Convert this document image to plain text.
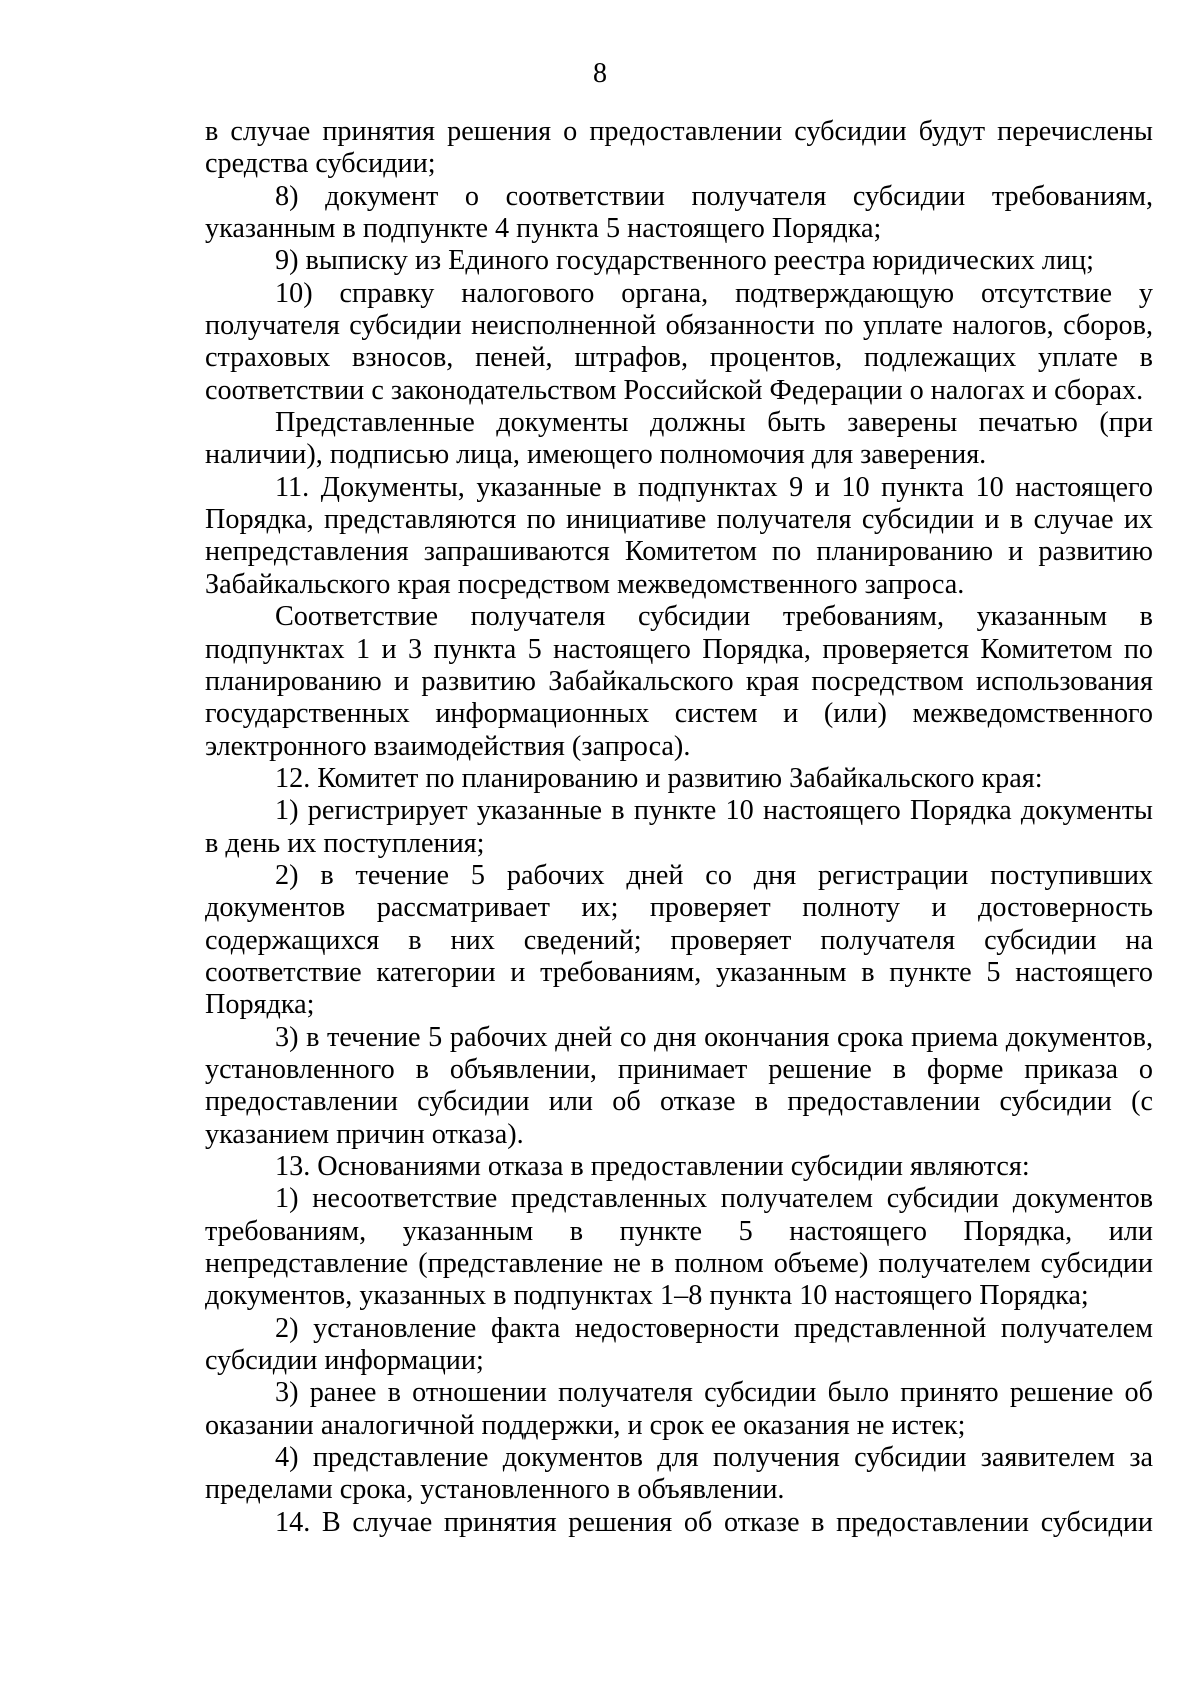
8

в случае принятия решения о предоставлении субсидии будут перечислены средства субсидии;

8) документ о соответствии получателя субсидии требованиям, указанным в подпункте 4 пункта 5 настоящего Порядка;

9) выписку из Единого государственного реестра юридических лиц;

10) справку налогового органа, подтверждающую отсутствие у получателя субсидии неисполненной обязанности по уплате налогов, сборов, страховых взносов, пеней, штрафов, процентов, подлежащих уплате в соответствии с законодательством Российской Федерации о налогах и сборах.

Представленные документы должны быть заверены печатью (при наличии), подписью лица, имеющего полномочия для заверения.

11. Документы, указанные в подпунктах 9 и 10 пункта 10 настоящего Порядка, представляются по инициативе получателя субсидии и в случае их непредставления запрашиваются Комитетом по планированию и развитию Забайкальского края посредством межведомственного запроса.

Соответствие получателя субсидии требованиям, указанным в подпунктах 1 и 3 пункта 5 настоящего Порядка, проверяется Комитетом по планированию и развитию Забайкальского края посредством использования государственных информационных систем и (или) межведомственного электронного взаимодействия (запроса).

12. Комитет по планированию и развитию Забайкальского края:

1) регистрирует указанные в пункте 10 настоящего Порядка документы в день их поступления;

2) в течение 5 рабочих дней со дня регистрации поступивших документов рассматривает их; проверяет полноту и достоверность содержащихся в них сведений; проверяет получателя субсидии на соответствие категории и требованиям, указанным в пункте 5 настоящего Порядка;

3) в течение 5 рабочих дней со дня окончания срока приема документов, установленного в объявлении, принимает решение в форме приказа о предоставлении субсидии или об отказе в предоставлении субсидии (с указанием причин отказа).

13. Основаниями отказа в предоставлении субсидии являются:

1) несоответствие представленных получателем субсидии документов требованиям, указанным в пункте 5 настоящего Порядка, или непредставление (представление не в полном объеме) получателем субсидии документов, указанных в подпунктах 1–8 пункта 10 настоящего Порядка;

2) установление факта недостоверности представленной получателем субсидии информации;

3) ранее в отношении получателя субсидии было принято решение об оказании аналогичной поддержки, и срок ее оказания не истек;

4) представление документов для получения субсидии заявителем за пределами срока, установленного в объявлении.

14. В случае принятия решения об отказе в предоставлении субсидии
